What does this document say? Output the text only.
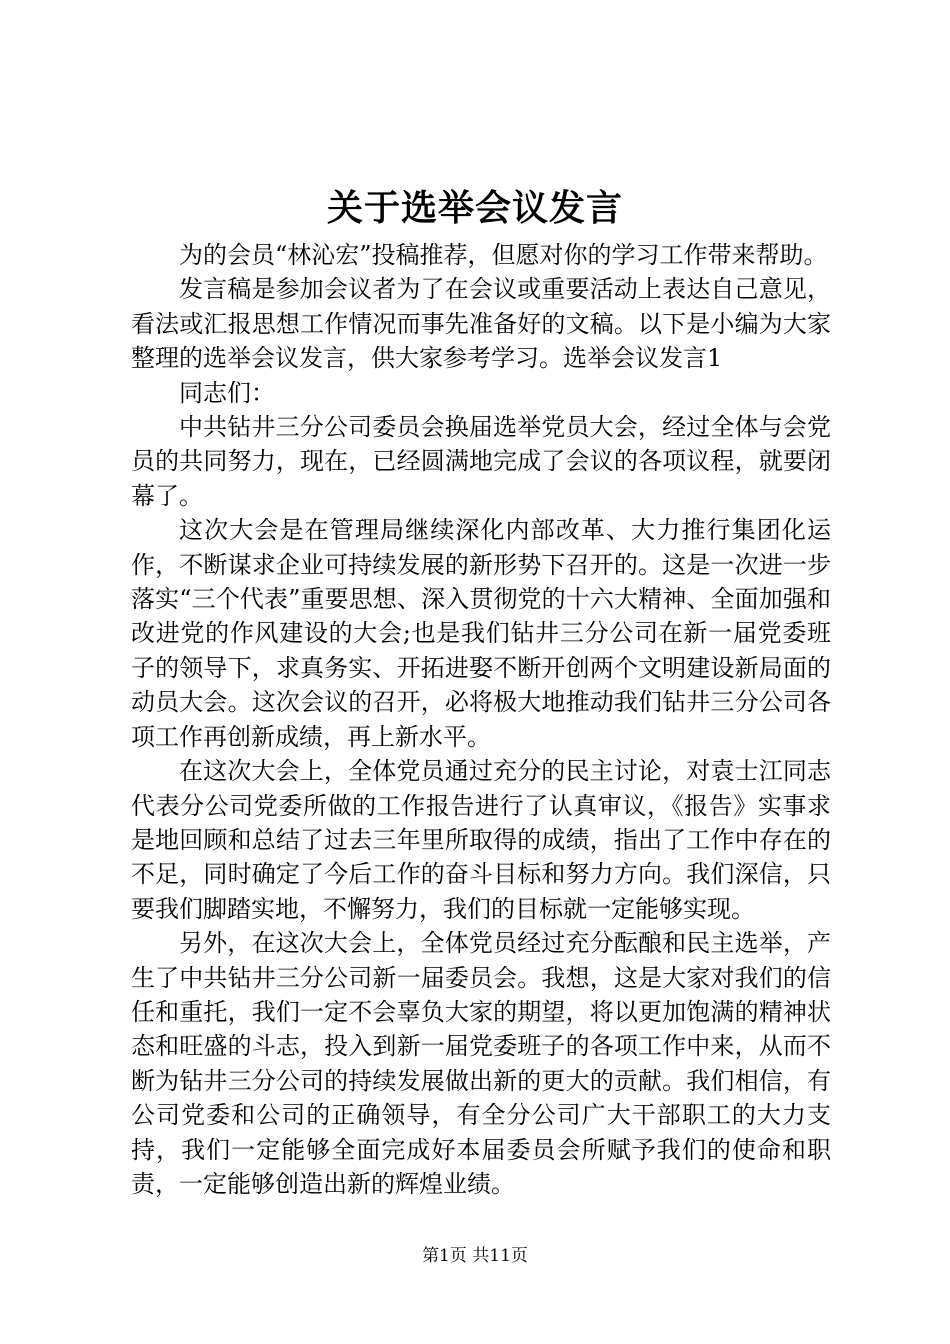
关于选举会议发言

为的会员“林沁宏”投稿推荐，但愿对你的学习工作带来帮助。

发言稿是参加会议者为了在会议或重要活动上表达自己意见，看法或汇报思想工作情况而事先准备好的文稿。以下是小编为大家整理的选举会议发言，供大家参考学习。选举会议发言1

同志们：

中共钻井三分公司委员会换届选举党员大会，经过全体与会党员的共同努力，现在，已经圆满地完成了会议的各项议程，就要闭幕了。

这次大会是在管理局继续深化内部改革、大力推行集团化运作，不断谋求企业可持续发展的新形势下召开的。这是一次进一步落实“三个代表”重要思想、深入贯彻党的十六大精神、全面加强和改进党的作风建设的大会;也是我们钻井三分公司在新一届党委班子的领导下，求真务实、开拓进娶不断开创两个文明建设新局面的动员大会。这次会议的召开，必将极大地推动我们钻井三分公司各项工作再创新成绩，再上新水平。

在这次大会上，全体党员通过充分的民主讨论，对袁士江同志代表分公司党委所做的工作报告进行了认真审议，《报告》实事求是地回顾和总结了过去三年里所取得的成绩，指出了工作中存在的不足，同时确定了今后工作的奋斗目标和努力方向。我们深信，只要我们脚踏实地，不懈努力，我们的目标就一定能够实现。

另外，在这次大会上，全体党员经过充分酝酿和民主选举，产生了中共钻井三分公司新一届委员会。我想，这是大家对我们的信任和重托，我们一定不会辜负大家的期望，将以更加饱满的精神状态和旺盛的斗志，投入到新一届党委班子的各项工作中来，从而不断为钻井三分公司的持续发展做出新的更大的贡献。我们相信，有公司党委和公司的正确领导，有全分公司广大干部职工的大力支持，我们一定能够全面完成好本届委员会所赋予我们的使命和职责，一定能够创造出新的辉煌业绩。

第1页 共11页
